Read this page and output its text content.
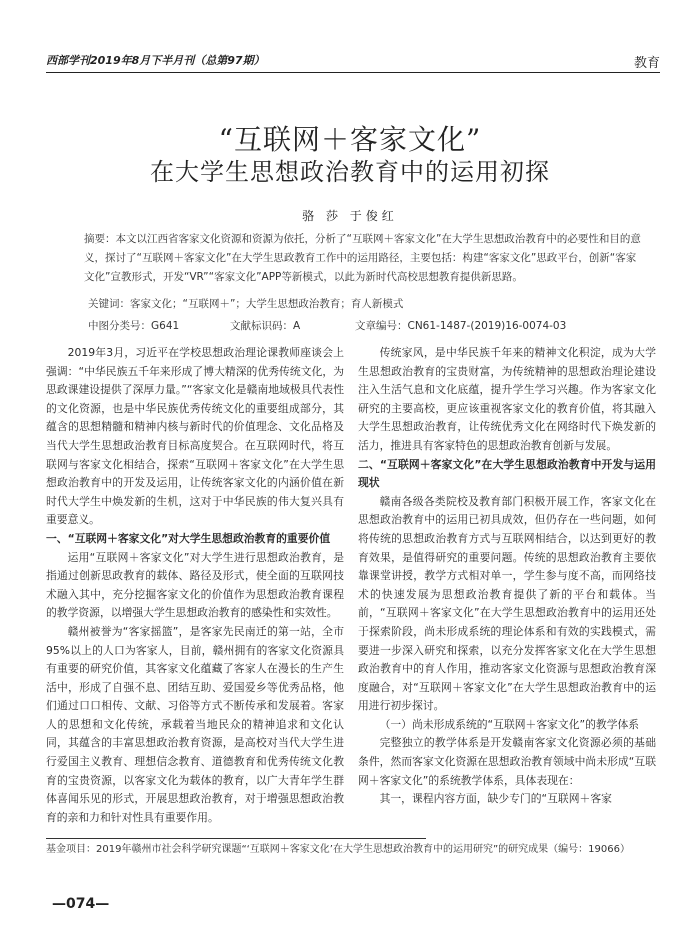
西部学刊2019年8月下半月刊（总第97期）	教育
“互联网＋客家文化”
在大学生思想政治教育中的运用初探
骆 莎 于俊红
摘要：本文以江西省客家文化资源和资源为依托，分析了“互联网＋客家文化”在大学生思想政治教育中的必要性和目的意义，探讨了“互联网＋客家文化”在大学生思政教育工作中的运用路径，主要包括：构建“客家文化”思政平台，创新“客家文化”宣教形式，开发“VR”“客家文化”APP等新模式，以此为新时代高校思想教育提供新思路。
关键词：客家文化；“互联网＋”；大学生思想政治教育；育人新模式
中图分类号：G641	文献标识码：A	文章编号：CN61-1487-(2019)16-0074-03

2019年3月，习近平在学校思想政治理论课教师座谈会上强调：“中华民族五千年来形成了博大精深的优秀传统文化，为思政课建设提供了深厚力量。”“客家文化是赣南地域极具代表性的文化资源，也是中华民族优秀传统文化的重要组成部分，其蕴含的思想精髓和精神内核与新时代的价值理念、文化品格及当代大学生思想政治教育目标高度契合。在互联网时代，将互联网与客家文化相结合，探索“互联网＋客家文化”在大学生思想政治教育中的开发及运用，让传统客家文化的内涵价值在新时代大学生中焕发新的生机，这对于中华民族的伟大复兴具有重要意义。

一、“互联网＋客家文化”对大学生思想政治教育的重要价值

运用“互联网＋客家文化”对大学生进行思想政治教育，是指通过创新思政教育的载体、路径及形式，使全面的互联网技术融入其中，充分挖掘客家文化的价值作为思想政治教育课程的教学资源，以增强大学生思想政治教育的感染性和实效性。

赣州被誉为“客家摇篮”，是客家先民南迁的第一站，全市95%以上的人口为客家人，目前，赣州拥有的客家文化资源具有重要的研究价值，其客家文化蕴藏了客家人在漫长的生产生活中，形成了自强不息、团结互助、爱国爱乡等优秀品格，他们通过口口相传、文献、习俗等方式不断传承和发展着。客家人的思想和文化传统，承载着当地民众的精神追求和文化认同，其蕴含的丰富思想政治教育资源，是高校对当代大学生进行爱国主义教育、理想信念教育、道德教育和优秀传统文化教育的宝贵资源，以客家文化为载体的教育，以广大青年学生群体喜闻乐见的形式，开展思想政治教育，对于增强思想政治教育的亲和力和针对性具有重要作用。

传统家风，是中华民族千年来的精神文化积淀，成为大学生思想政治教育的宝贵财富，为传统精神的思想政治理论建设注入生活气息和文化底蕴，提升学生学习兴趣。作为客家文化研究的主要高校，更应该重视客家文化的教育价值，将其融入大学生思想政治教育，让传统优秀文化在网络时代下焕发新的活力，推进具有客家特色的思想政治教育创新与发展。

二、“互联网＋客家文化”在大学生思想政治教育中开发与运用现状

赣南各级各类院校及教育部门积极开展工作，客家文化在思想政治教育中的运用已初具成效，但仍存在一些问题，如何将传统的思想政治教育方式与互联网相结合，以达到更好的教育效果，是值得研究的重要问题。传统的思想政治教育主要依靠课堂讲授，教学方式相对单一，学生参与度不高，而网络技术的快速发展为思想政治教育提供了新的平台和载体。当前，“互联网＋客家文化”在大学生思想政治教育中的运用还处于探索阶段，尚未形成系统的理论体系和有效的实践模式，需要进一步深入研究和探索，以充分发挥客家文化在大学生思想政治教育中的育人作用，推动客家文化资源与思想政治教育深度融合，对“互联网＋客家文化”在大学生思想政治教育中的运用进行初步探讨。

（一）尚未形成系统的“互联网＋客家文化”的教学体系

完整独立的教学体系是开发赣南客家文化资源必须的基础条件，然而客家文化资源在思想政治教育领域中尚未形成“互联网＋客家文化”的系统教学体系，具体表现在：

其一，课程内容方面，缺少专门的“互联网＋客家

基金项目：2019年赣州市社会科学研究课题“‘互联网＋客家文化’在大学生思想政治教育中的运用研究”的研究成果（编号：19066）
—074—
